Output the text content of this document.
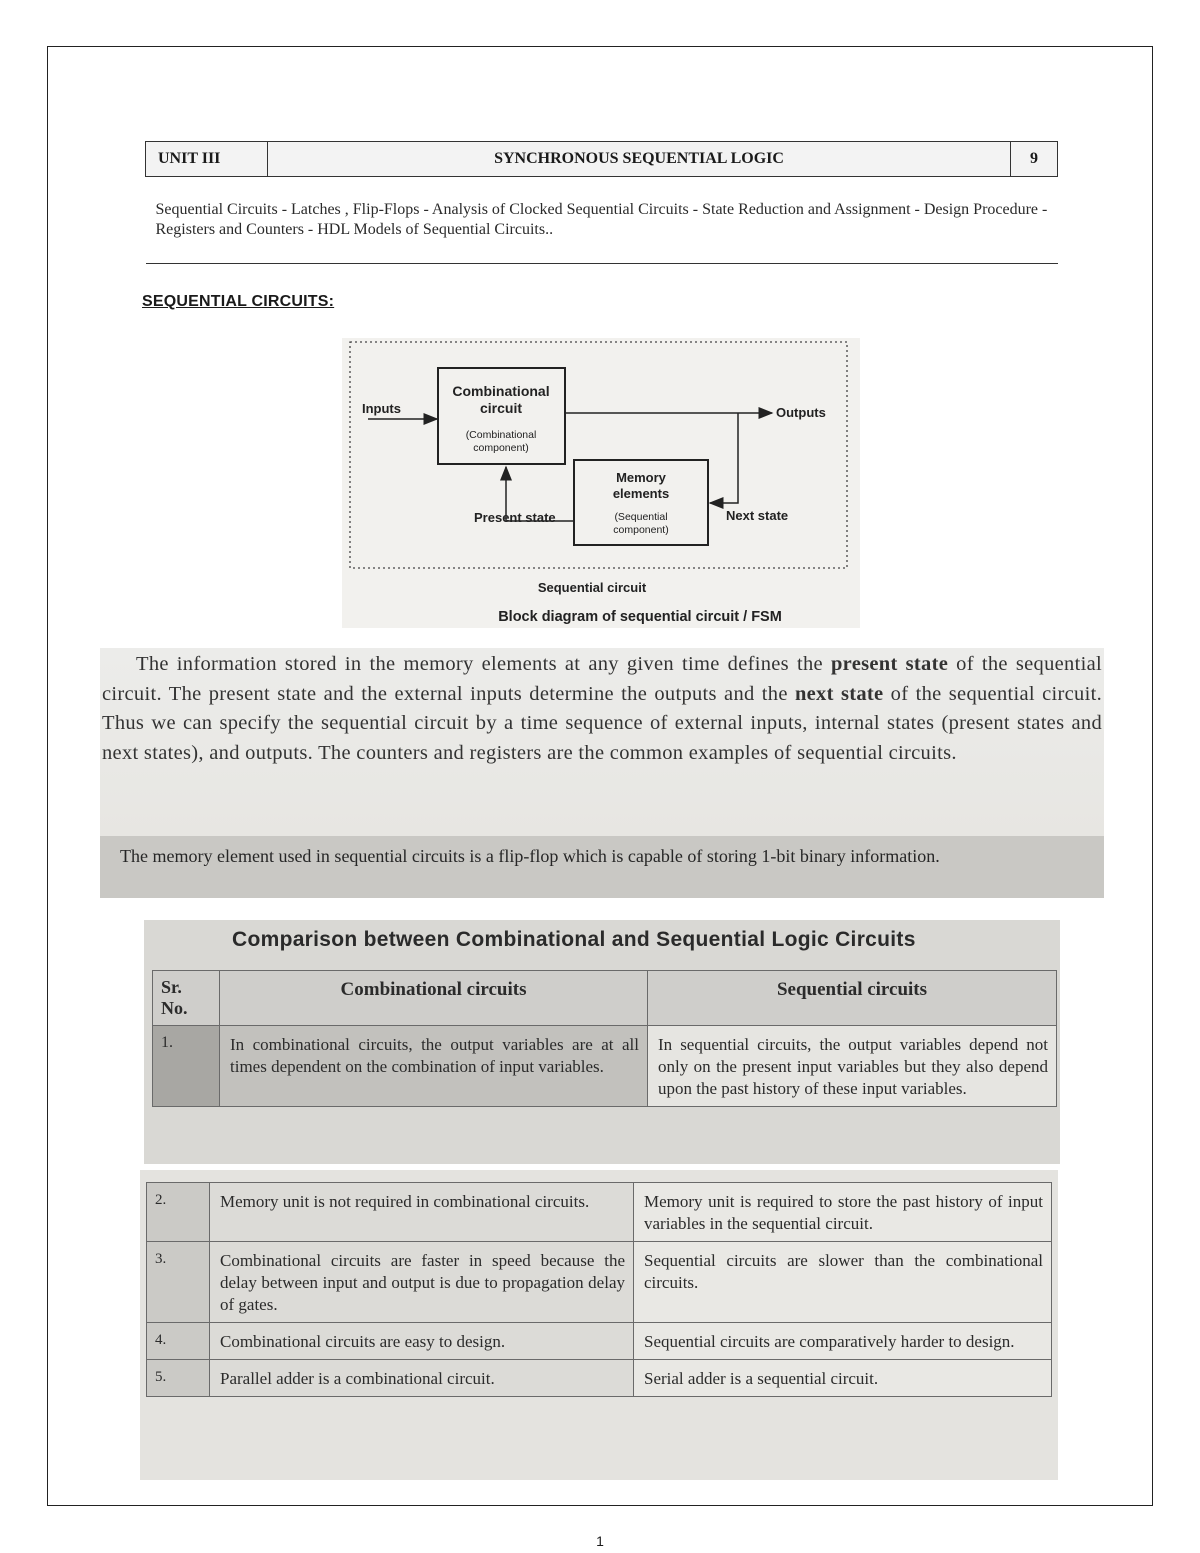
UNIT III	SYNCHRONOUS SEQUENTIAL LOGIC	9
Sequential Circuits - Latches , Flip-Flops - Analysis of Clocked Sequential Circuits - State Reduction and Assignment - Design Procedure - Registers and Counters - HDL Models of Sequential Circuits..
SEQUENTIAL CIRCUITS:
Combinational
circuit
(Combinational
component)
Memory
elements
(Sequential
component)
Inputs	Outputs
Present state	Next state
Sequential circuit
Block diagram of sequential circuit / FSM

The information stored in the memory elements at any given time defines the present state of the sequential circuit. The present state and the external inputs determine the outputs and the next state of the sequential circuit. Thus we can specify the sequential circuit by a time sequence of external inputs, internal states (present states and next states), and outputs. The counters and registers are the common examples of sequential circuits.

The memory element used in sequential circuits is a flip-flop which is capable of storing 1-bit binary information.

Comparison between Combinational and Sequential Logic Circuits
Sr. No.	Combinational circuits	Sequential circuits
1.	In combinational circuits, the output variables are at all times dependent on the combination of input variables.	In sequential circuits, the output variables depend not only on the present input variables but they also depend upon the past history of these input variables.
2.	Memory unit is not required in combinational circuits.	Memory unit is required to store the past history of input variables in the sequential circuit.
3.	Combinational circuits are faster in speed because the delay between input and output is due to propagation delay of gates.	Sequential circuits are slower than the combinational circuits.
4.	Combinational circuits are easy to design.	Sequential circuits are comparatively harder to design.
5.	Parallel adder is a combinational circuit.	Serial adder is a sequential circuit.
1
